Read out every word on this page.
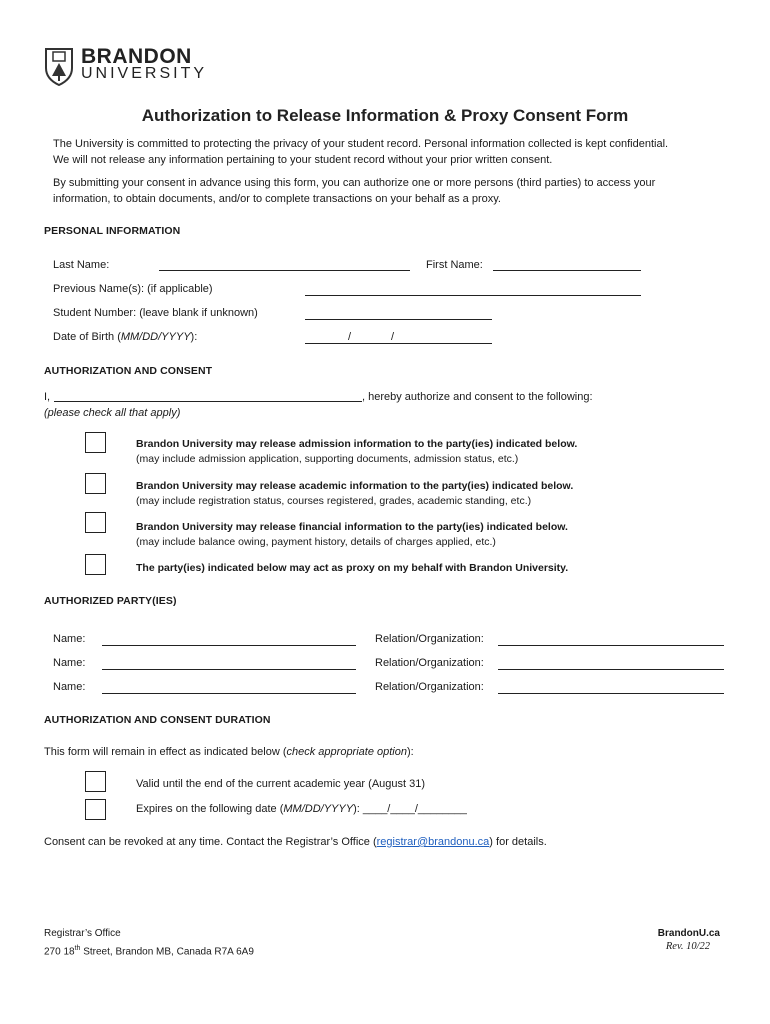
BRANDON
UNIVERSITY
Authorization to Release Information & Proxy Consent Form
The University is committed to protecting the privacy of your student record. Personal information collected is kept confidential.
We will not release any information pertaining to your student record without your prior written consent.
By submitting your consent in advance using this form, you can authorize one or more persons (third parties) to access your
information, to obtain documents, and/or to complete transactions on your behalf as a proxy.
PERSONAL INFORMATION
Last Name:	First Name:
Previous Name(s): (if applicable)
Student Number: (leave blank if unknown)
Date of Birth (MM/DD/YYYY):	/	/
AUTHORIZATION AND CONSENT
I,	, hereby authorize and consent to the following:
(please check all that apply)
Brandon University may release admission information to the party(ies) indicated below.
(may include admission application, supporting documents, admission status, etc.)
Brandon University may release academic information to the party(ies) indicated below.
(may include registration status, courses registered, grades, academic standing, etc.)
Brandon University may release financial information to the party(ies) indicated below.
(may include balance owing, payment history, details of charges applied, etc.)
The party(ies) indicated below may act as proxy on my behalf with Brandon University.
AUTHORIZED PARTY(IES)
Name:	Relation/Organization:
Name:	Relation/Organization:
Name:	Relation/Organization:
AUTHORIZATION AND CONSENT DURATION
This form will remain in effect as indicated below (check appropriate option):
Valid until the end of the current academic year (August 31)
Expires on the following date (MM/DD/YYYY): ____/____/________
Consent can be revoked at any time. Contact the Registrar’s Office (registrar@brandonu.ca) for details.
Registrar’s Office
270 18th Street, Brandon MB, Canada R7A 6A9
BrandonU.ca
Rev. 10/22
